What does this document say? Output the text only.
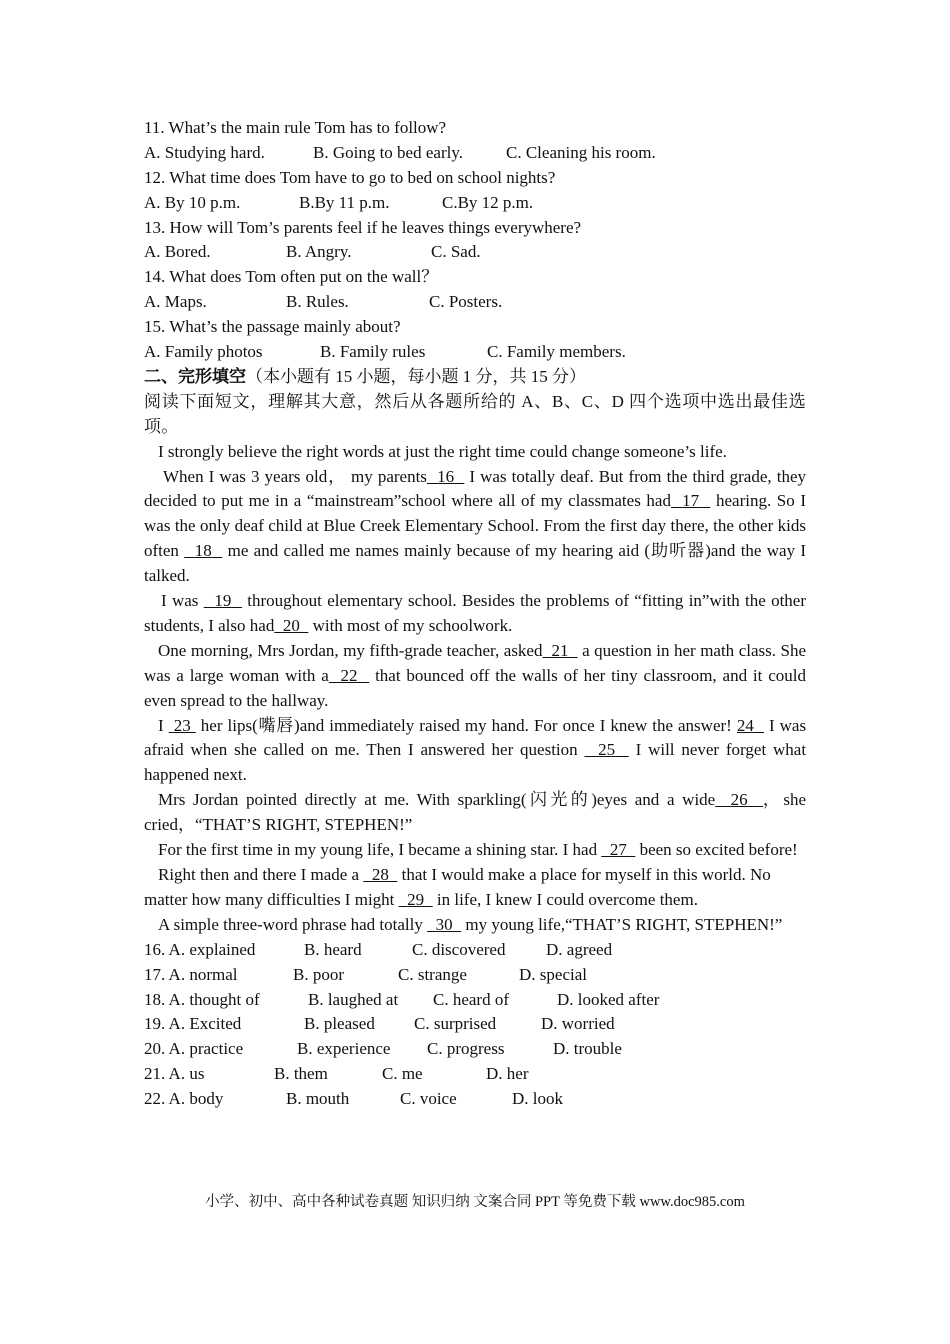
11. What’s the main rule Tom has to follow?
A. Studying hard.	B. Going to bed early.	C. Cleaning his room.
12. What time does Tom have to go to bed on school nights?
A. By 10 p.m.	B.By 11 p.m.	C.By 12 p.m.
13. How will Tom’s parents feel if he leaves things everywhere?
A. Bored.	B. Angry.	C. Sad.
14. What does Tom often put on the wall？
A. Maps.	B. Rules.	C. Posters.
15. What’s the passage mainly about?
A. Family photos	B. Family rules	C. Family members.
二、完形填空（本小题有 15 小题，每小题 1 分，共 15 分）
阅读下面短文，理解其大意，然后从各题所给的 A、B、C、D 四个选项中选出最佳选项。
I strongly believe the right words at just the right time could change someone’s life.
When I was 3 years old， my parents 16 I was totally deaf. But from the third grade, they decided to put me in a “mainstream”school where all of my classmates had 17 hearing. So I was the only deaf child at Blue Creek Elementary School. From the first day there, the other kids often 18 me and called me names mainly because of my hearing aid (助听器)and the way I talked.
I was 19 throughout elementary school. Besides the problems of “fitting in”with the other students, I also had 20 with most of my schoolwork.
One morning, Mrs Jordan, my fifth-grade teacher, asked 21 a question in her math class. She was a large woman with a 22 that bounced off the walls of her tiny classroom, and it could even spread to the hallway.
I 23 her lips(嘴唇)and immediately raised my hand. For once I knew the answer! 24 I was afraid when she called on me. Then I answered her question 25 I will never forget what happened next.
Mrs Jordan pointed directly at me. With sparkling(闪光的)eyes and a wide 26 ，she cried，“THAT’S RIGHT, STEPHEN!”
For the first time in my young life, I became a shining star. I had 27 been so excited before!
Right then and there I made a 28 that I would make a place for myself in this world. No matter how many difficulties I might 29 in life, I knew I could overcome them.
A simple three-word phrase had totally 30 my young life,“THAT’S RIGHT, STEPHEN!”
16. A. explained	B. heard	C. discovered	D. agreed
17. A. normal	B. poor	C. strange	D. special
18. A. thought of	B. laughed at	C. heard of	D. looked after
19. A. Excited	B. pleased	C. surprised	D. worried
20. A. practice	B. experience	C. progress	D. trouble
21. A. us	B. them	C. me	D. her
22. A. body	B. mouth	C. voice	D. look
小学、初中、高中各种试卷真题 知识归纳 文案合同 PPT 等免费下载 www.doc985.com
